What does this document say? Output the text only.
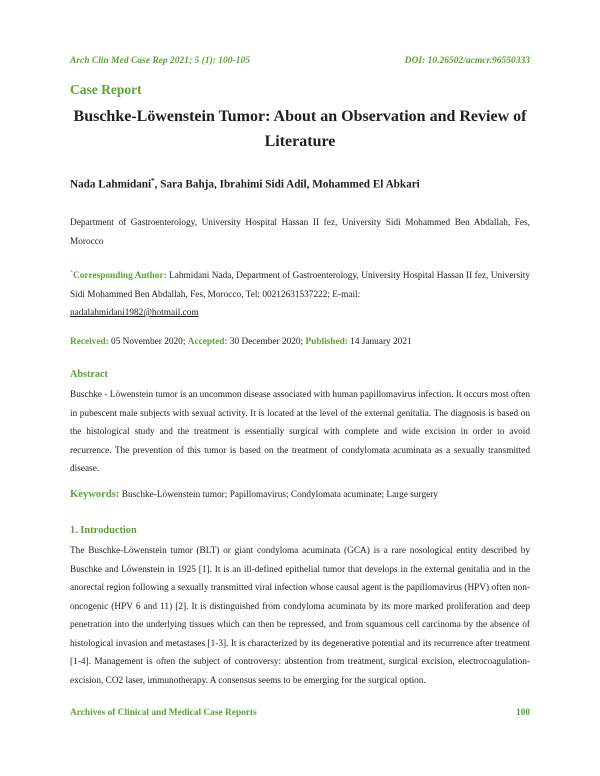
Arch Clin Med Case Rep 2021; 5 (1): 100-105	DOI: 10.26502/acmcr.96550333
Case Report
Buschke-Löwenstein Tumor: About an Observation and Review of
Literature
Nada Lahmidani*, Sara Bahja, Ibrahimi Sidi Adil, Mohammed El Abkari
Department of Gastroenterology, University Hospital Hassan II fez, University Sidi Mohammed Ben Abdallah, Fes, Morocco
*Corresponding Author: Lahmidani Nada, Department of Gastroenterology, University Hospital Hassan II fez, University Sidi Mohammed Ben Abdallah, Fes, Morocco, Tel: 00212631537222; E-mail:
nadalahmidani1982@hotmail.com
Received: 05 November 2020; Accepted: 30 December 2020; Published: 14 January 2021
Abstract
Buschke - Löwenstein tumor is an uncommon disease associated with human papillomavirus infection. It occurs most often in pubescent male subjects with sexual activity. It is located at the level of the external genitalia. The diagnosis is based on the histological study and the treatment is essentially surgical with complete and wide excision in order to avoid recurrence. The prevention of this tumor is based on the treatment of condylomata acuminata as a sexually transmitted disease.
Keywords: Buschke-Löwenstein tumor; Papillomavirus; Condylomata acuminate; Large surgery
1. Introduction
The Buschke-Löwenstein tumor (BLT) or giant condyloma acuminata (GCA) is a rare nosological entity described by Buschke and Löwenstein in 1925 [1]. It is an ill-defined epithelial tumor that develops in the external genitalia and in the anorectal region following a sexually transmitted viral infection whose causal agent is the papillomavirus (HPV) often non-oncogenic (HPV 6 and 11) [2]. It is distinguished from condyloma acuminata by its more marked proliferation and deep penetration into the underlying tissues which can then be repressed, and from squamous cell carcinoma by the absence of histological invasion and metastases [1-3]. It is characterized by its degenerative potential and its recurrence after treatment [1-4]. Management is often the subject of controversy: abstention from treatment, surgical excision, electrocoagulation-excision, CO2 laser, immunotherapy. A consensus seems to be emerging for the surgical option.
Archives of Clinical and Medical Case Reports	100
